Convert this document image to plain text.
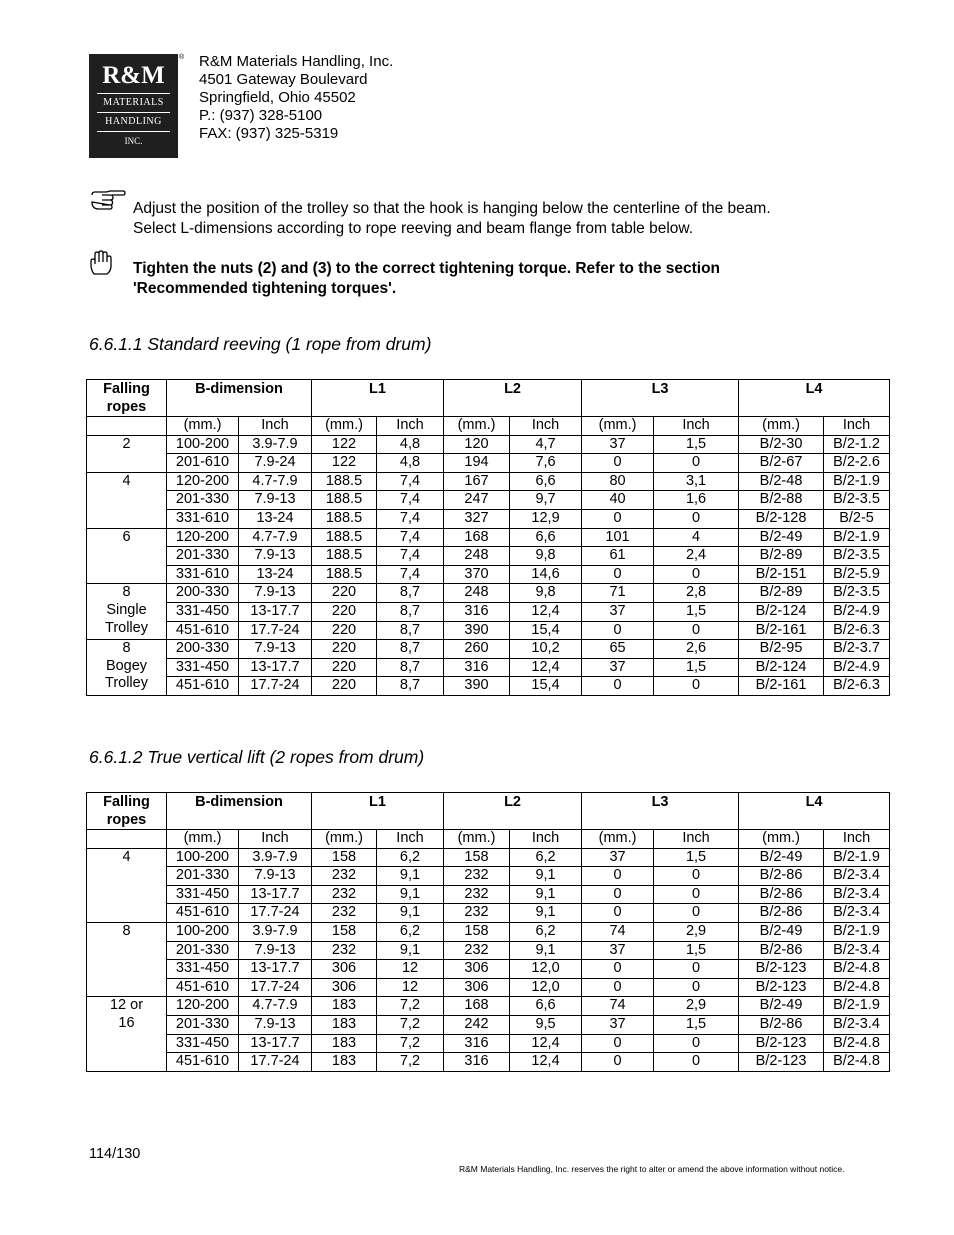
R&M
MATERIALS
HANDLING
INC.
® R&M Materials Handling, Inc.
4501 Gateway Boulevard
Springfield, Ohio 45502
P.: (937) 328-5100
FAX: (937) 325-5319
Adjust the position of the trolley so that the hook is hanging below the centerline of the beam.
Select L-dimensions according to rope reeving and beam flange from table below.
Tighten the nuts (2) and (3) to the correct tightening torque. Refer to the section
'Recommended tightening torques'.
6.6.1.1 Standard reeving (1 rope from drum)
Falling
ropes	B-dimension		L1		L2		L3		L4	
	(mm.)	Inch	(mm.)	Inch	(mm.)	Inch	(mm.)	Inch	(mm.)	Inch

2	100-200	3.9-7.9	122	4,8	120	4,7	37	1,5	B/2-30	B/2-1.2
	201-610	7.9-24	122	4,8	194	7,6	0	0	B/2-67	B/2-2.6

4	120-200	4.7-7.9	188.5	7,4	167	6,6	80	3,1	B/2-48	B/2-1.9
	201-330	7.9-13	188.5	7,4	247	9,7	40	1,6	B/2-88	B/2-3.5
	331-610	13-24	188.5	7,4	327	12,9	0	0	B/2-128	B/2-5

6	120-200	4.7-7.9	188.5	7,4	168	6,6	101	4	B/2-49	B/2-1.9
	201-330	7.9-13	188.5	7,4	248	9,8	61	2,4	B/2-89	B/2-3.5
	331-610	13-24	188.5	7,4	370	14,6	0	0	B/2-151	B/2-5.9

8
Single
Trolley	200-330	7.9-13	220	8,7	248	9,8	71	2,8	B/2-89	B/2-3.5
	331-450	13-17.7	220	8,7	316	12,4	37	1,5	B/2-124	B/2-4.9
	451-610	17.7-24	220	8,7	390	15,4	0	0	B/2-161	B/2-6.3

8
Bogey
Trolley	200-330	7.9-13	220	8,7	260	10,2	65	2,6	B/2-95	B/2-3.7
	331-450	13-17.7	220	8,7	316	12,4	37	1,5	B/2-124	B/2-4.9
	451-610	17.7-24	220	8,7	390	15,4	0	0	B/2-161	B/2-6.3
6.6.1.2 True vertical lift (2 ropes from drum)
Falling
ropes	B-dimension		L1		L2		L3		L4	
	(mm.)	Inch	(mm.)	Inch	(mm.)	Inch	(mm.)	Inch	(mm.)	Inch

4	100-200	3.9-7.9	158	6,2	158	6,2	37	1,5	B/2-49	B/2-1.9
	201-330	7.9-13	232	9,1	232	9,1	0	0	B/2-86	B/2-3.4
	331-450	13-17.7	232	9,1	232	9,1	0	0	B/2-86	B/2-3.4
	451-610	17.7-24	232	9,1	232	9,1	0	0	B/2-86	B/2-3.4

8	100-200	3.9-7.9	158	6,2	158	6,2	74	2,9	B/2-49	B/2-1.9
	201-330	7.9-13	232	9,1	232	9,1	37	1,5	B/2-86	B/2-3.4
	331-450	13-17.7	306	12	306	12,0	0	0	B/2-123	B/2-4.8
	451-610	17.7-24	306	12	306	12,0	0	0	B/2-123	B/2-4.8

12 or
16	120-200	4.7-7.9	183	7,2	168	6,6	74	2,9	B/2-49	B/2-1.9
	201-330	7.9-13	183	7,2	242	9,5	37	1,5	B/2-86	B/2-3.4
	331-450	13-17.7	183	7,2	316	12,4	0	0	B/2-123	B/2-4.8
	451-610	17.7-24	183	7,2	316	12,4	0	0	B/2-123	B/2-4.8
114/130
R&M Materials Handling, Inc. reserves the right to alter or amend the above information without notice.
